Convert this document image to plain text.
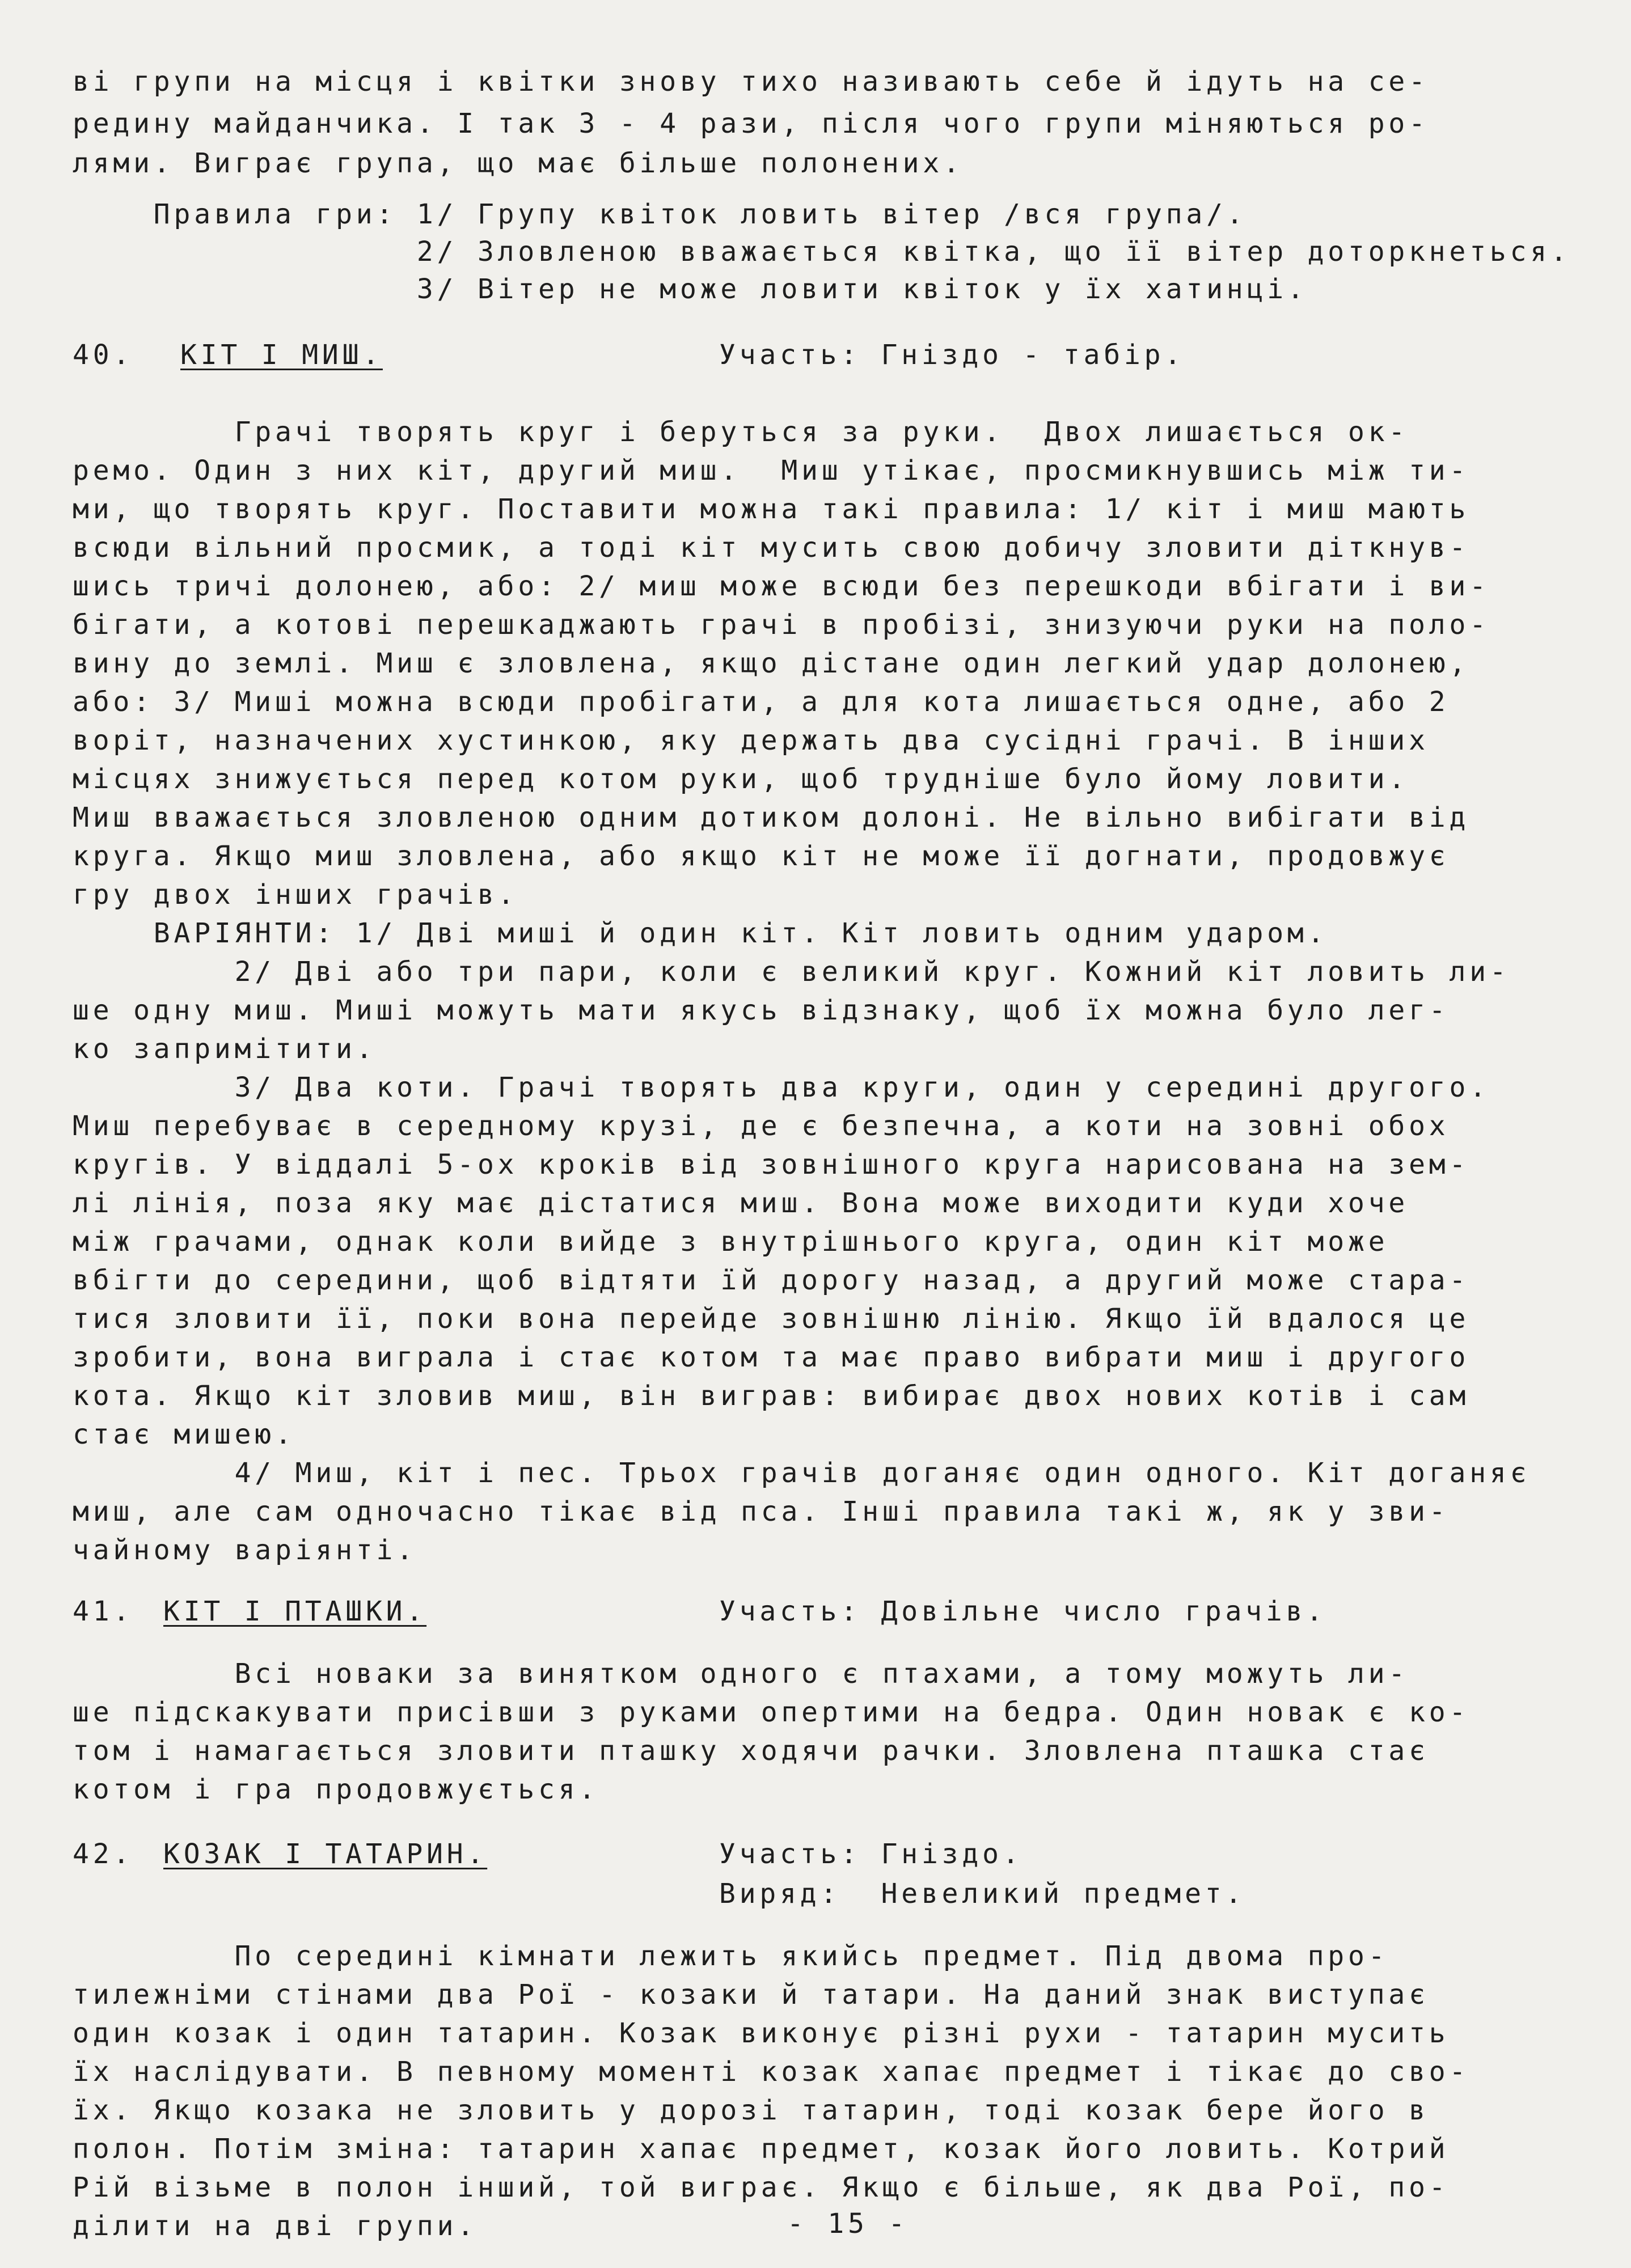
ві групи на місця і квітки знову тихо називають себе й ідуть на се-
редину майданчика. І так 3 - 4 рази, після чого групи міняються ро-
лями. Виграє група, що має більше полонених.
Правила гри: 1/ Групу квіток ловить вітер /вся група/.
2/ Зловленою вважається квітка, що її вітер доторкнеться.
3/ Вітер не може ловити квіток у їх хатинці.
40. КІТ І МИШ.	Участь: Гніздо - табір.
Грачі творять круг і беруться за руки.  Двох лишається ок-
ремо. Один з них кіт, другий миш.  Миш утікає, просмикнувшись між ти-
ми, що творять круг. Поставити можна такі правила: 1/ кіт і миш мають
всюди вільний просмик, а тоді кіт мусить свою добичу зловити діткнув-
шись тричі долонею, або: 2/ миш може всюди без перешкоди вбігати і ви-
бігати, а котові перешкаджають грачі в пробізі, знизуючи руки на поло-
вину до землі. Миш є зловлена, якщо дістане один легкий удар долонею,
або: 3/ Миші можна всюди пробігати, а для кота лишається одне, або 2
воріт, назначених хустинкою, яку держать два сусідні грачі. В інших
місцях знижується перед котом руки, щоб труднiше було йому ловити.
Миш вважається зловленою одним дотиком долоні. Не вільно вибігати від
круга. Якщо миш зловлена, або якщо кіт не може її догнати, продовжує
гру двох інших грачів.
ВАРІЯНТИ: 1/ Дві миші й один кіт. Кіт ловить одним ударом.
2/ Дві або три пари, коли є великий круг. Кожний кіт ловить ли-
ше одну миш. Миші можуть мати якусь відзнаку, щоб їх можна було лег-
ко запримітити.
3/ Два коти. Грачі творять два круги, один у середині другого.
Миш перебуває в середному крузі, де є безпечна, а коти на зовні обох
кругів. У віддалі 5-ох кроків від зовнішного круга нарисована на зем-
лі лінія, поза яку має дістатися миш. Вона може виходити куди хоче
між грачами, однак коли вийде з внутрішнього круга, один кіт може
вбігти до середини, щоб відтяти їй дорогу назад, а другий може стара-
тися зловити її, поки вона перейде зовнішню лінію. Якщо їй вдалося це
зробити, вона виграла і стає котом та має право вибрати миш і другого
кота. Якщо кіт зловив миш, він виграв: вибирає двох нових котів і сам
стає мишею.
4/ Миш, кіт і пес. Трьох грачів доганяє один одного. Кіт доганяє
миш, але сам одночасно тікає від пса. Інші правила такі ж, як у зви-
чайному варіянті.
41. КІТ І ПТАШКИ.	Участь: Довільне число грачів.
Всі новаки за винятком одного є птахами, а тому можуть ли-
ше підскакувати присівши з руками опертими на бедра. Один новак є ко-
том і намагається зловити пташку ходячи рачки. Зловлена пташка стає
котом і гра продовжується.
42. КОЗАК І ТАТАРИН.	Участь: Гніздо.
Виряд:  Невеликий предмет.
По середині кімнати лежить якийсь предмет. Під двома про-
тилежніми стінами два Рої - козаки й татари. На даний знак виступає
один козак і один татарин. Козак виконує різні рухи - татарин мусить
їх наслідувати. В певному моменті козак хапає предмет і тікає до сво-
їх. Якщо козака не зловить у дорозі татарин, тоді козак бере його в
полон. Потім зміна: татарин хапає предмет, козак його ловить. Котрий
Рій візьме в полон інший, той виграє. Якщо є більше, як два Рої, по-
ділити на дві групи.	- 15 -
